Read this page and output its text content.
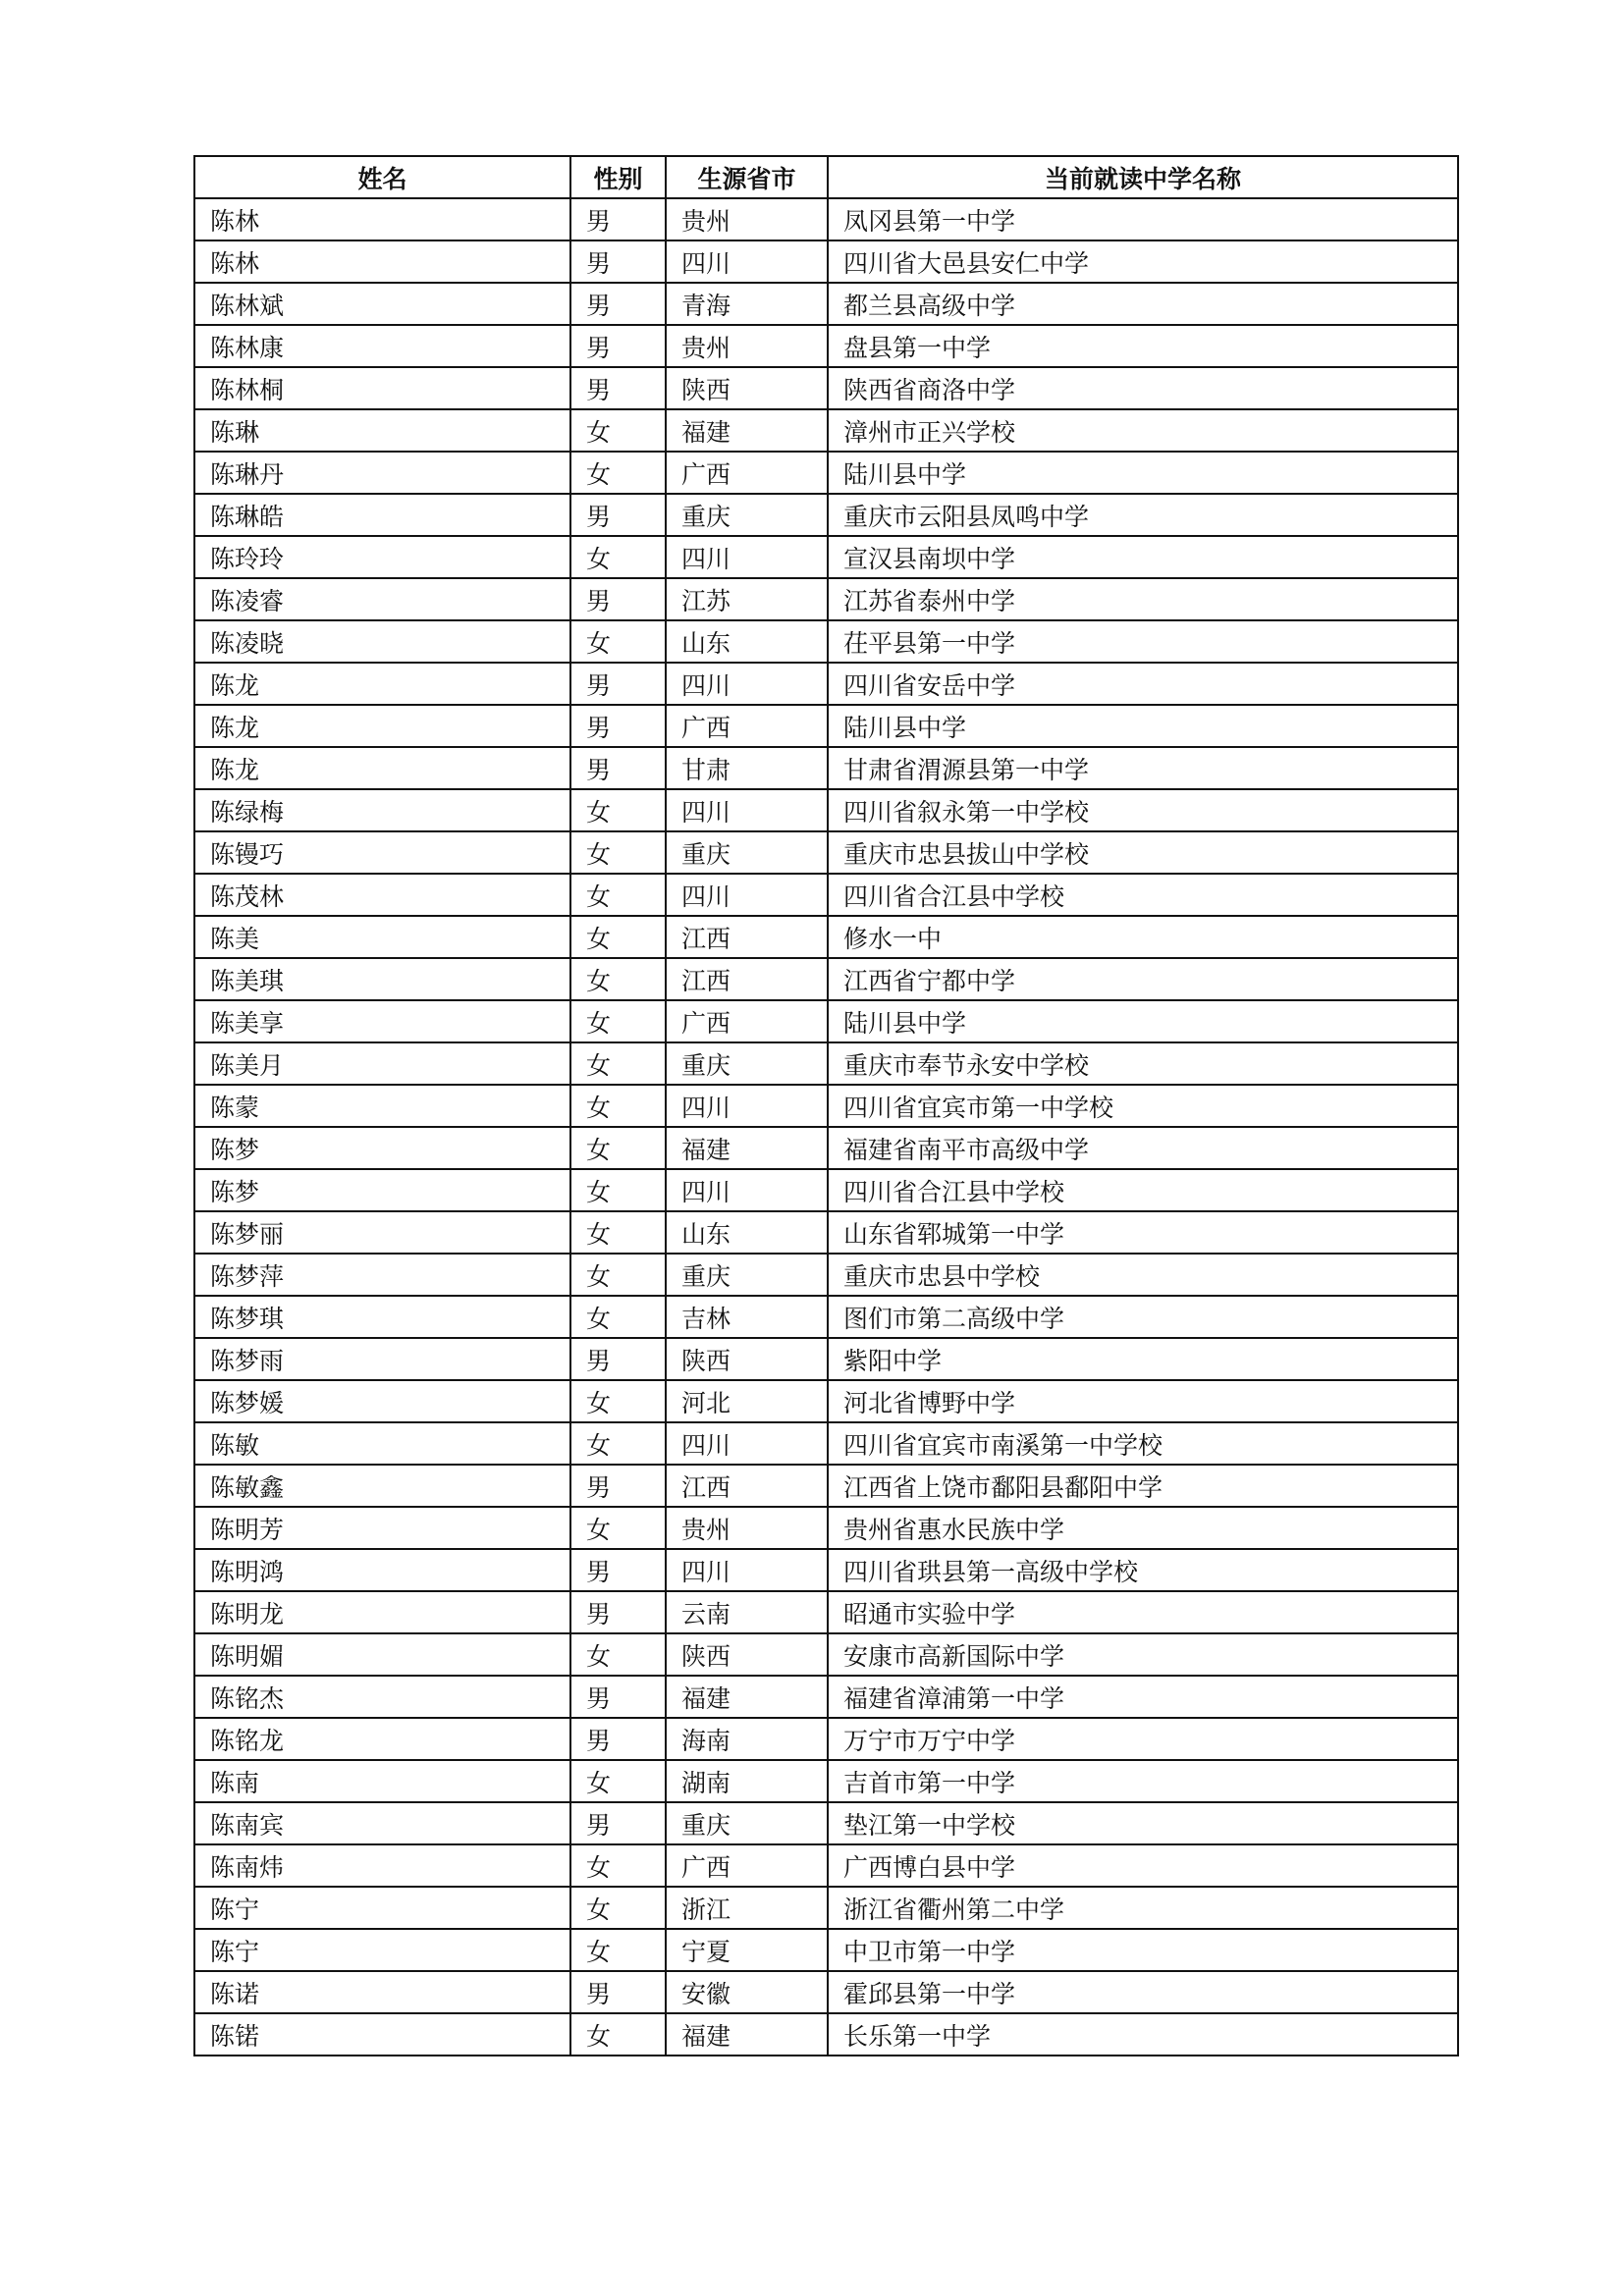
姓名	性别	生源省市	当前就读中学名称
陈林	男	贵州	凤冈县第一中学
陈林	男	四川	四川省大邑县安仁中学
陈林斌	男	青海	都兰县高级中学
陈林康	男	贵州	盘县第一中学
陈林桐	男	陕西	陕西省商洛中学
陈琳	女	福建	漳州市正兴学校
陈琳丹	女	广西	陆川县中学
陈琳皓	男	重庆	重庆市云阳县凤鸣中学
陈玲玲	女	四川	宣汉县南坝中学
陈凌睿	男	江苏	江苏省泰州中学
陈凌晓	女	山东	茌平县第一中学
陈龙	男	四川	四川省安岳中学
陈龙	男	广西	陆川县中学
陈龙	男	甘肃	甘肃省渭源县第一中学
陈绿梅	女	四川	四川省叙永第一中学校
陈镘巧	女	重庆	重庆市忠县拔山中学校
陈茂林	女	四川	四川省合江县中学校
陈美	女	江西	修水一中
陈美琪	女	江西	江西省宁都中学
陈美享	女	广西	陆川县中学
陈美月	女	重庆	重庆市奉节永安中学校
陈蒙	女	四川	四川省宜宾市第一中学校
陈梦	女	福建	福建省南平市高级中学
陈梦	女	四川	四川省合江县中学校
陈梦丽	女	山东	山东省郓城第一中学
陈梦萍	女	重庆	重庆市忠县中学校
陈梦琪	女	吉林	图们市第二高级中学
陈梦雨	男	陕西	紫阳中学
陈梦媛	女	河北	河北省博野中学
陈敏	女	四川	四川省宜宾市南溪第一中学校
陈敏鑫	男	江西	江西省上饶市鄱阳县鄱阳中学
陈明芳	女	贵州	贵州省惠水民族中学
陈明鸿	男	四川	四川省珙县第一高级中学校
陈明龙	男	云南	昭通市实验中学
陈明媚	女	陕西	安康市高新国际中学
陈铭杰	男	福建	福建省漳浦第一中学
陈铭龙	男	海南	万宁市万宁中学
陈南	女	湖南	吉首市第一中学
陈南宾	男	重庆	垫江第一中学校
陈南炜	女	广西	广西博白县中学
陈宁	女	浙江	浙江省衢州第二中学
陈宁	女	宁夏	中卫市第一中学
陈诺	男	安徽	霍邱县第一中学
陈锘	女	福建	长乐第一中学
